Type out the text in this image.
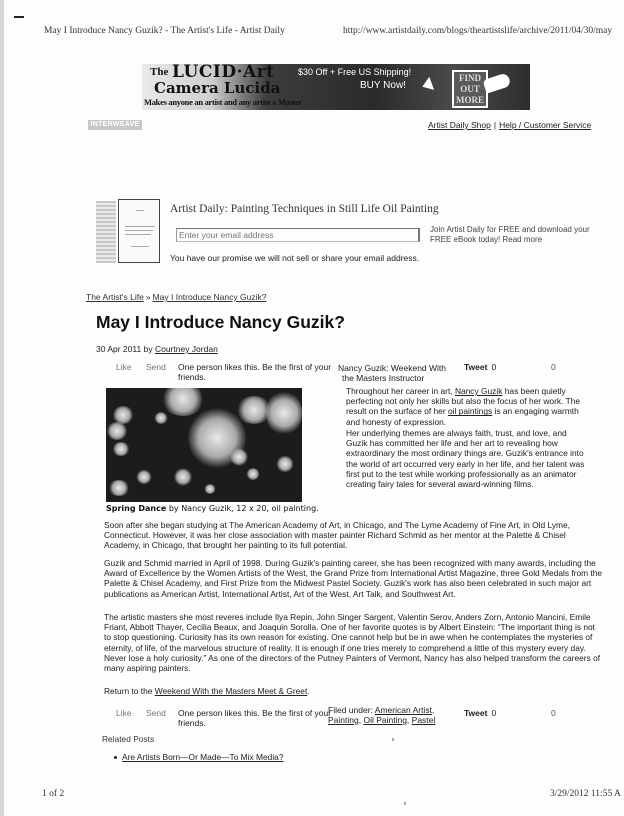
May I Introduce Nancy Guzik? - The Artist's Life - Artist Daily	http://www.artistdaily.com/blogs/theartistslife/archive/2011/04/30/may
The LUCID·Art
Camera Lucida
Makes anyone an artist and any artist a Master
$30 Off + Free US Shipping!
BUY Now!
FIND
OUT
MORE
INTERWEAVE	Artist Daily Shop | Help / Customer Service
Artist Daily: Painting Techniques in Still Life Oil Painting
Enter your email address
You have our promise we will not sell or share your email address.
Join Artist Daily for FREE and download your FREE eBook today! Read more
The Artist's Life » May I Introduce Nancy Guzik?
May I Introduce Nancy Guzik?
30 Apr 2011 by Courtney Jordan
Like Send One person likes this. Be the first of your friends.
Nancy Guzik: Weekend With
the Masters Instructor
Tweet 0	0
Spring Dance by Nancy Guzik, 12 x 20, oil painting.

Throughout her career in art, Nancy Guzik has been quietly perfecting not only her skills but also the focus of her work. The result on the surface of her oil paintings is an engaging warmth and honesty of expression.

Her underlying themes are always faith, trust, and love, and Guzik has committed her life and her art to revealing how extraordinary the most ordinary things are. Guzik's entrance into the world of art occurred very early in her life, and her talent was first put to the test while working professionally as an animator creating fairy tales for several award-winning films.

Soon after she began studying at The American Academy of Art, in Chicago, and The Lyme Academy of Fine Art, in Old Lyme, Connecticut. However, it was her close association with master painter Richard Schmid as her mentor at the Palette & Chisel Academy, in Chicago, that brought her painting to its full potential.

Guzik and Schmid married in April of 1998. During Guzik's painting career, she has been recognized with many awards, including the Award of Excellence by the Women Artists of the West, the Grand Prize from International Artist Magazine, three Gold Medals from the Palette & Chisel Academy, and First Prize from the Midwest Pastel Society. Guzik's work has also been celebrated in such major art publications as American Artist, International Artist, Art of the West, Art Talk, and Southwest Art.

The artistic masters she most reveres include Ilya Repin, John Singer Sargent, Valentin Serov, Anders Zorn, Antonio Mancini, Emile Friant, Abbott Thayer, Cecilia Beaux, and Joaquin Sorolla. One of her favorite quotes is by Albert Einstein: “The important thing is not to stop questioning. Curiosity has its own reason for existing. One cannot help but be in awe when he contemplates the mysteries of eternity, of life, of the marvelous structure of reality. It is enough if one tries merely to comprehend a little of this mystery every day. Never lose a holy curiosity.” As one of the directors of the Putney Painters of Vermont, Nancy has also helped transform the careers of many aspiring painters.

Return to the Weekend With the Masters Meet & Greet.
Like Send One person likes this. Be the first of your friends.
Filed under: American Artist, Painting, Oil Painting, Pastel
Tweet 0	0
Related Posts
Are Artists Born—Or Made—To Mix Media?
1 of 2	3/29/2012 11:55 A
